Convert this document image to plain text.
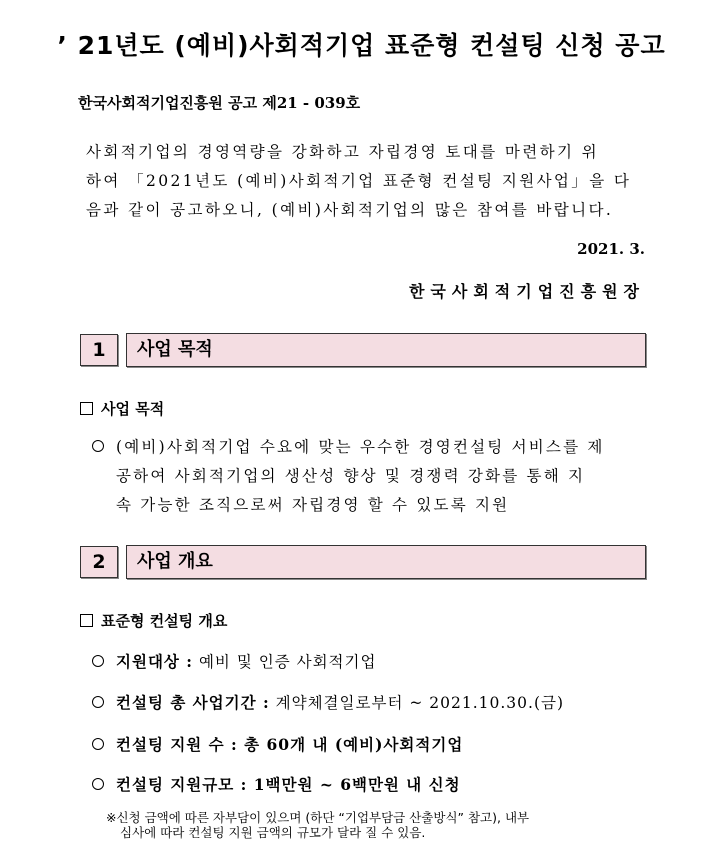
’ 21년도 (예비)사회적기업 표준형 컨설팅 신청 공고
한국사회적기업진흥원 공고 제21 - 039호
사회적기업의 경영역량을 강화하고 자립경영 토대를 마련하기 위
하여 「2021년도 (예비)사회적기업 표준형 컨설팅 지원사업」을 다
음과 같이 공고하오니, (예비)사회적기업의 많은 참여를 바랍니다.
2021. 3.
한국사회적기업진흥원장
1	사업 목적
사업 목적
(예비)사회적기업 수요에 맞는 우수한 경영컨설팅 서비스를 제
공하여 사회적기업의 생산성 향상 및 경쟁력 강화를 통해 지
속 가능한 조직으로써 자립경영 할 수 있도록 지원
2	사업 개요
표준형 컨설팅 개요
지원대상 : 예비 및 인증 사회적기업
컨설팅 총 사업기간 : 계약체결일로부터 ~ 2021.10.30.(금)
컨설팅 지원 수 : 총 60개 내 (예비)사회적기업
컨설팅 지원규모 : 1백만원 ~ 6백만원 내 신청
※신청 금액에 따른 자부담이 있으며 (하단 “기업부담금 산출방식” 참고), 내부
심사에 따라 컨설팅 지원 금액의 규모가 달라 질 수 있음.
